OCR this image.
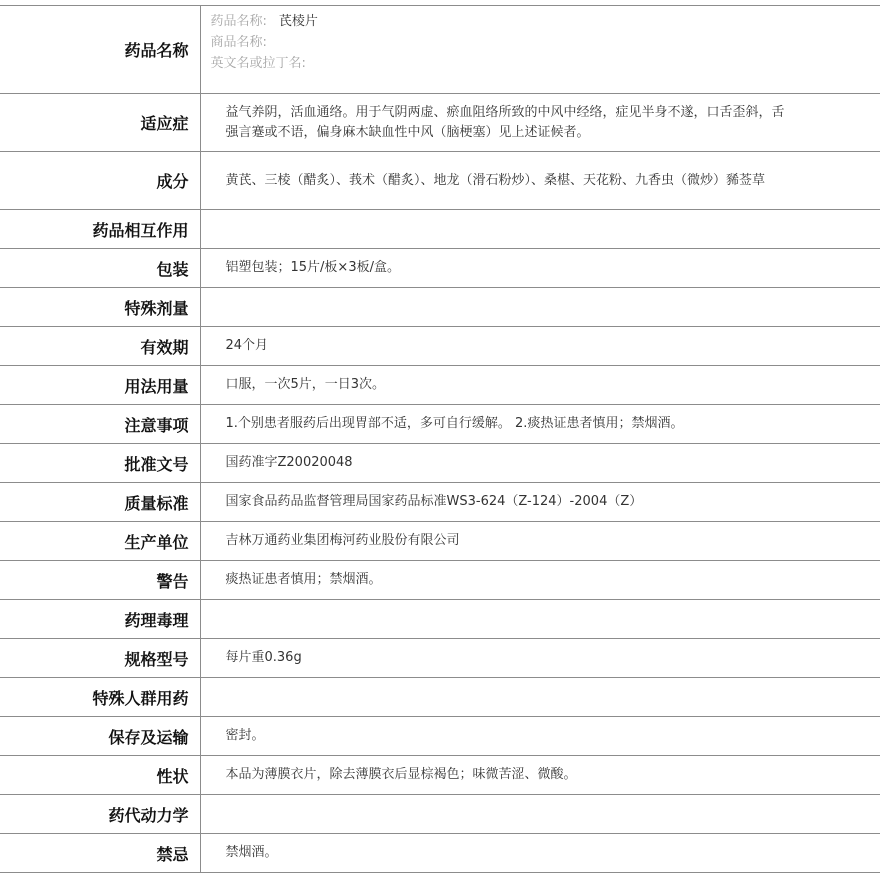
药品名称	药品名称: 芪棱片
商品名称:
英文名或拉丁名:

适应症	益气养阴，活血通络。用于气阴两虚、瘀血阻络所致的中风中经络，症见半身不遂，口舌歪斜，舌强言蹇或不语，偏身麻木缺血性中风（脑梗塞）见上述证候者。
成分	黄芪、三棱（醋炙）、莪术（醋炙）、地龙（滑石粉炒）、桑椹、天花粉、九香虫（微炒）豨莶草
药品相互作用	
包装	铝塑包装；15片/板×3板/盒。
特殊剂量	
有效期	24个月
用法用量	口服，一次5片，一日3次。
注意事项	1.个别患者服药后出现胃部不适，多可自行缓解。 2.痰热证患者慎用；禁烟酒。
批准文号	国药准字Z20020048
质量标准	国家食品药品监督管理局国家药品标准WS3-624（Z-124）-2004（Z）
生产单位	吉林万通药业集团梅河药业股份有限公司
警告	痰热证患者慎用；禁烟酒。
药理毒理	
规格型号	每片重0.36g
特殊人群用药	
保存及运输	密封。
性状	本品为薄膜衣片，除去薄膜衣后显棕褐色；味微苦涩、微酸。
药代动力学	
禁忌	禁烟酒。
